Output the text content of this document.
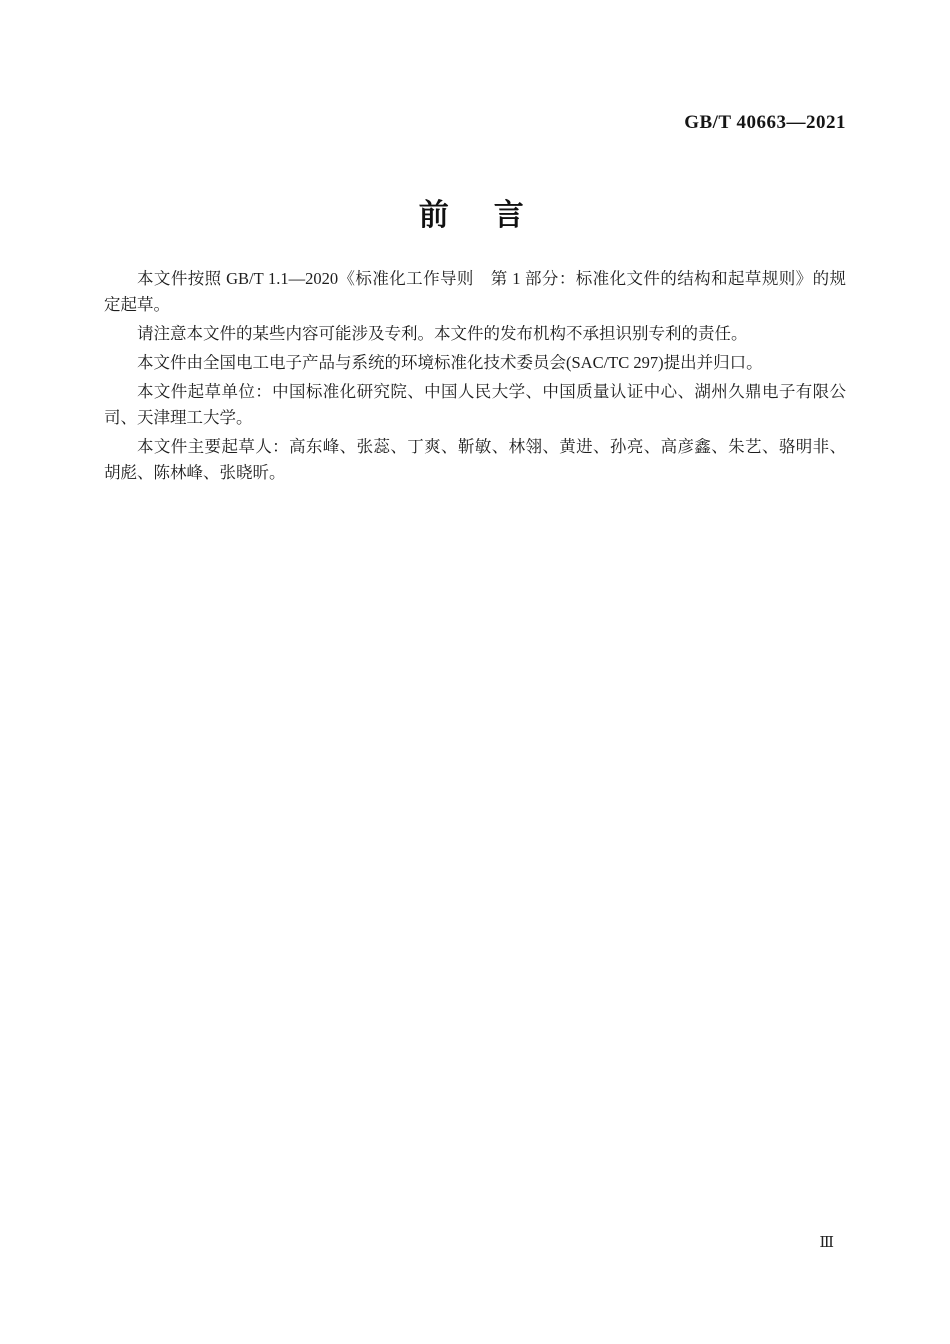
GB/T 40663—2021
前　言

本文件按照 GB/T 1.1—2020《标准化工作导则　第 1 部分：标准化文件的结构和起草规则》的规定起草。

请注意本文件的某些内容可能涉及专利。本文件的发布机构不承担识别专利的责任。

本文件由全国电工电子产品与系统的环境标准化技术委员会(SAC/TC 297)提出并归口。

本文件起草单位：中国标准化研究院、中国人民大学、中国质量认证中心、湖州久鼎电子有限公司、天津理工大学。

本文件主要起草人：高东峰、张蕊、丁爽、靳敏、林翎、黄进、孙亮、高彦鑫、朱艺、骆明非、胡彪、陈林峰、张晓昕。

Ⅲ
